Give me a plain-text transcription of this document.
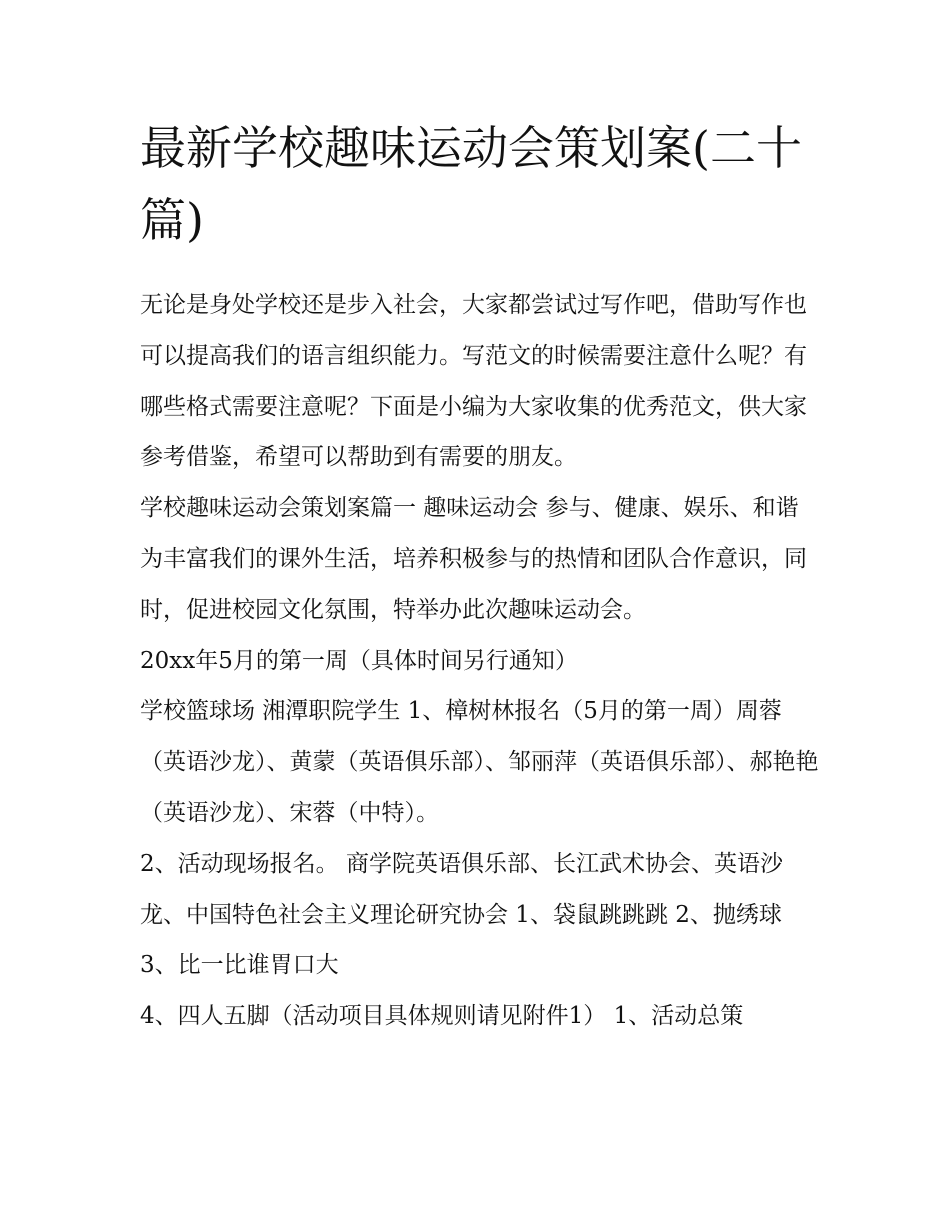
最新学校趣味运动会策划案(二十篇)

无论是身处学校还是步入社会，大家都尝试过写作吧，借助写作也可以提高我们的语言组织能力。写范文的时候需要注意什么呢？有哪些格式需要注意呢？下面是小编为大家收集的优秀范文，供大家参考借鉴，希望可以帮助到有需要的朋友。

学校趣味运动会策划案篇一 趣味运动会 参与、健康、娱乐、和谐

为丰富我们的课外生活，培养积极参与的热情和团队合作意识，同时，促进校园文化氛围，特举办此次趣味运动会。

20xx年5月的第一周（具体时间另行通知）

学校篮球场 湘潭职院学生 1、樟树林报名（5月的第一周）周蓉（英语沙龙）、黄蒙（英语俱乐部）、邹丽萍（英语俱乐部）、郝艳艳（英语沙龙）、宋蓉（中特）。

2、活动现场报名。 商学院英语俱乐部、长江武术协会、英语沙龙、中国特色社会主义理论研究协会 1、袋鼠跳跳跳 2、抛绣球 3、比一比谁胃口大

4、四人五脚（活动项目具体规则请见附件1） 1、活动总策
